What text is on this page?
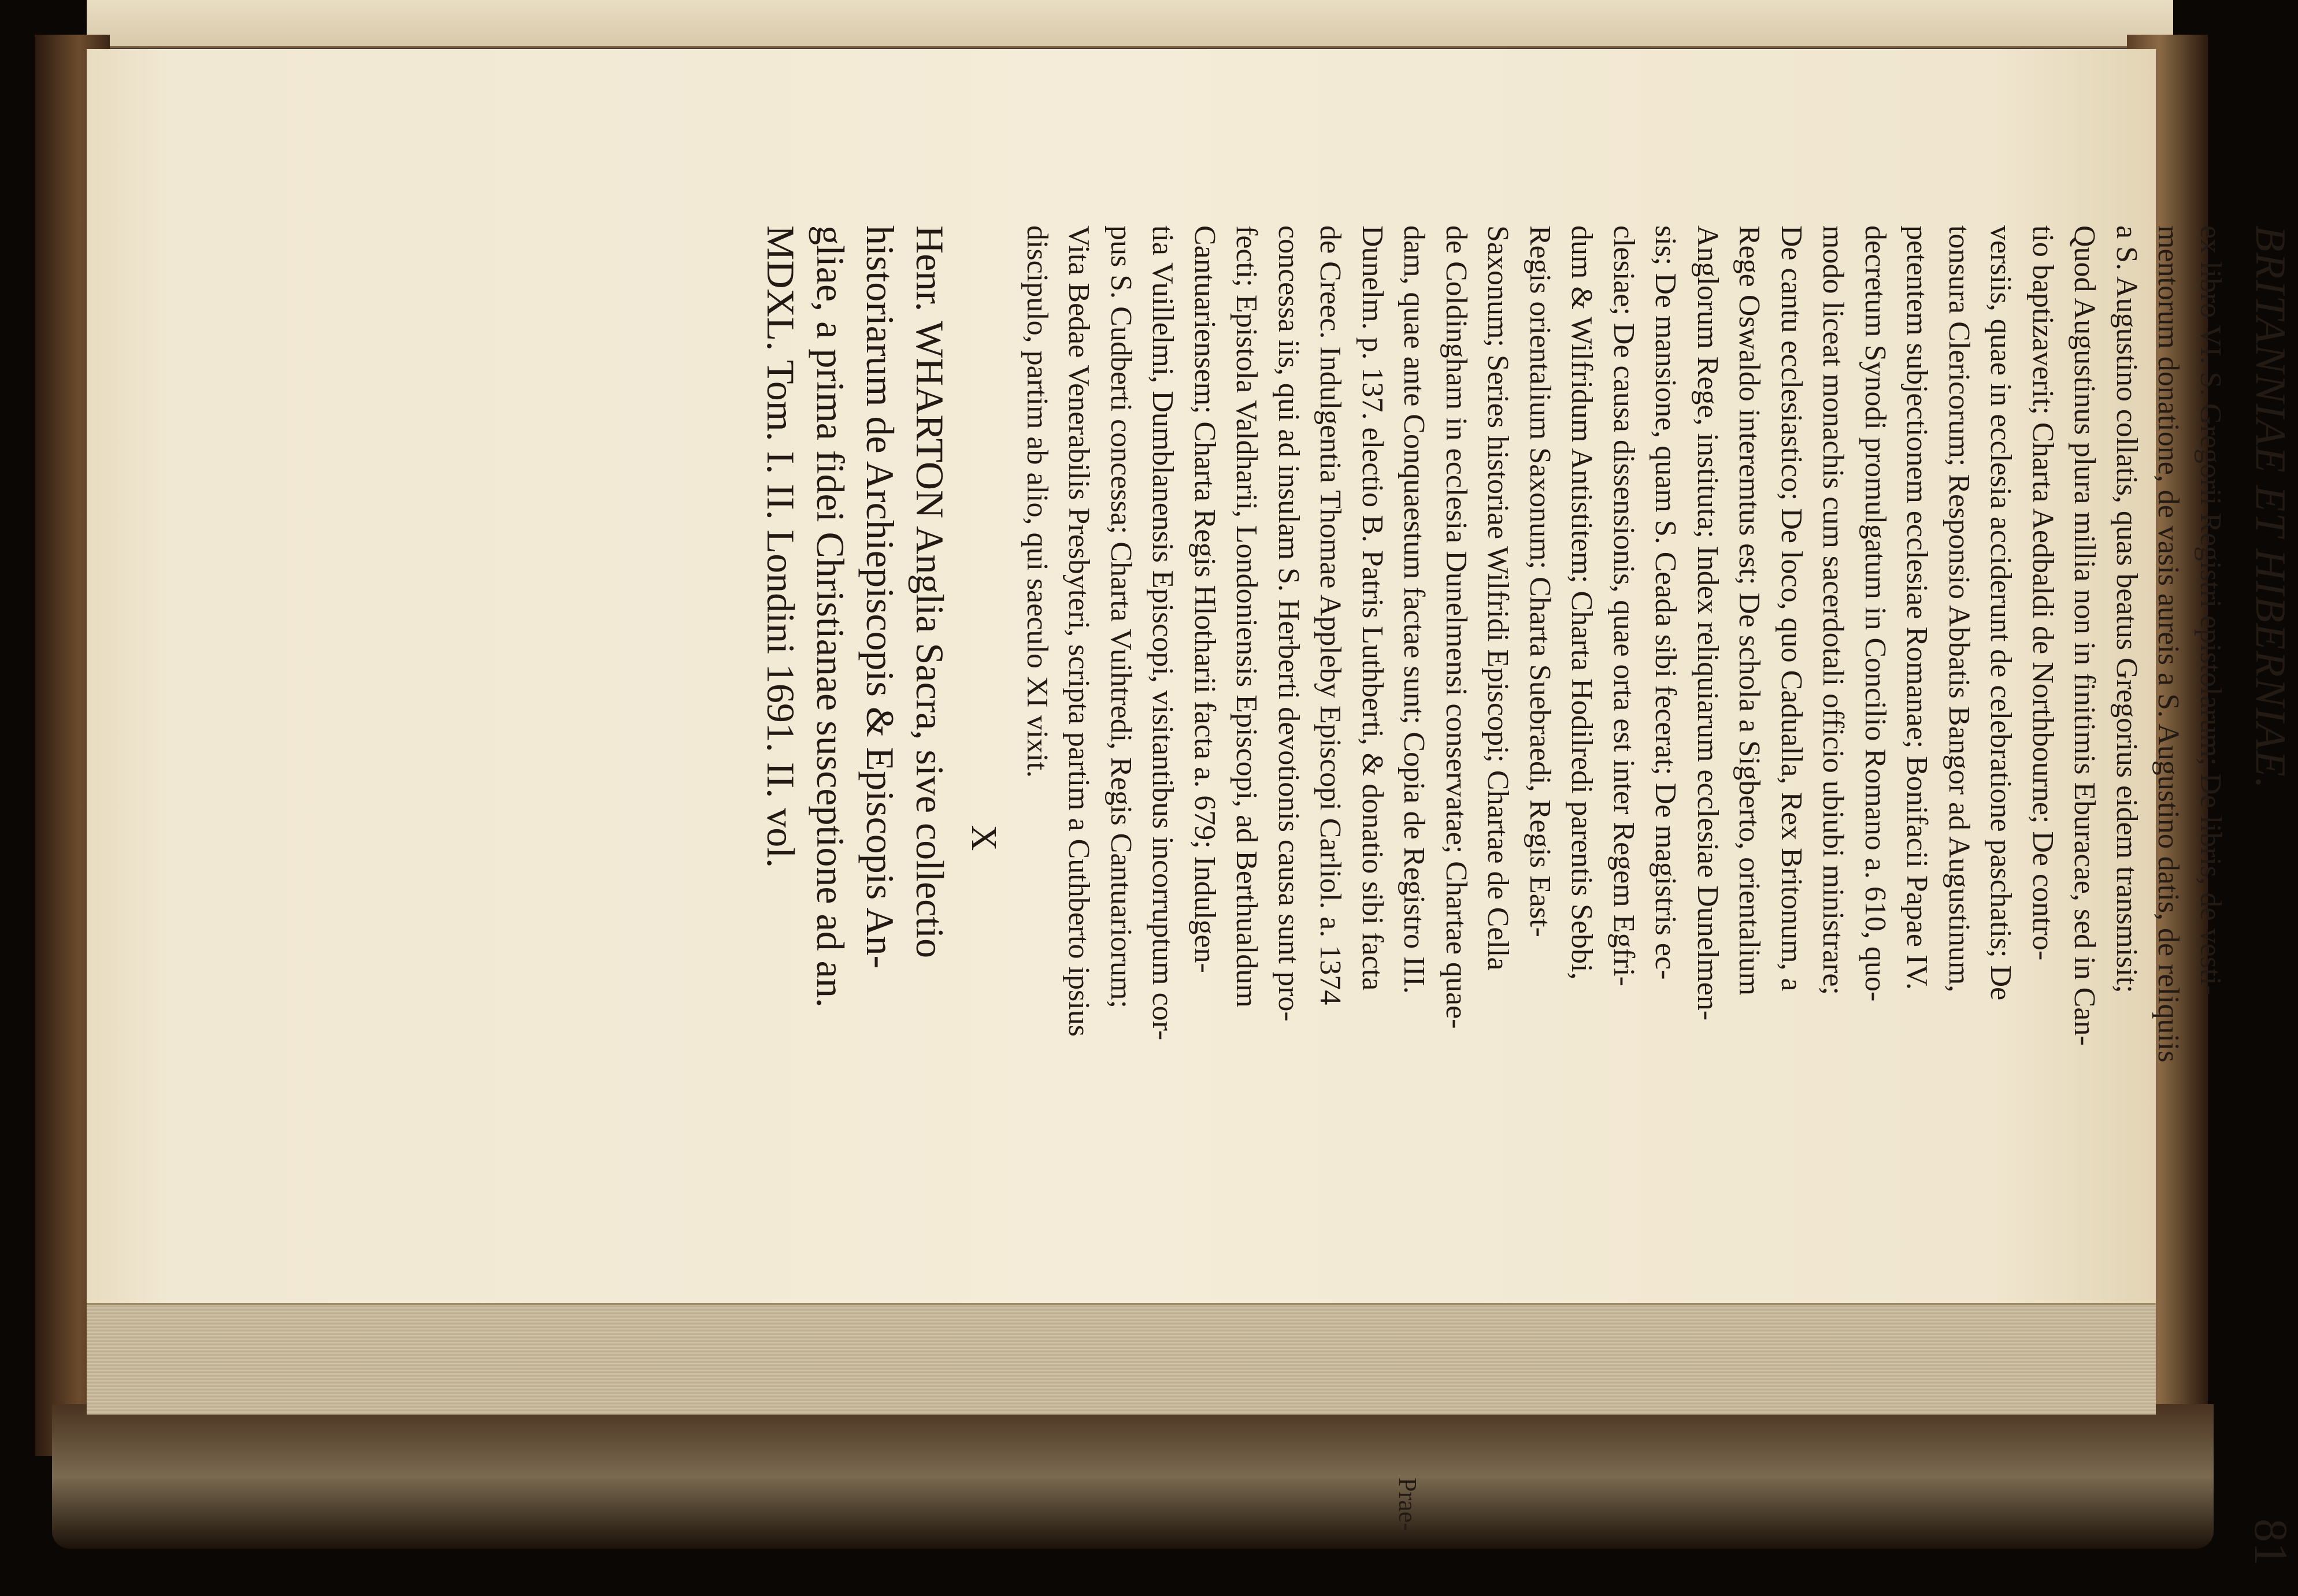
BRITANNIAE ET HIBERNIAE.
81
ex libro VI. S. Gregorii Registri epistolarum; De libris, de vesti-
mentorum donatione, de vasis aureis a S. Augustino datis, de reliquiis
a S. Augustino collatis, quas beatus Gregorius eidem transmisit;
Quod Augustinus plura millia non in finitimis Eburacae, sed in Can-
tio baptizaverit; Charta Aedbaldi de Northbourne; De contro-
versiis, quae in ecclesia acciderunt de celebratione paschatis; De
tonsura Clericorum; Responsio Abbatis Bangor ad Augustinum,
petentem subjectionem ecclesiae Romanae; Bonifacii Papae IV.
decretum Synodi promulgatum in Concilio Romano a. 610, quo-
modo liceat monachis cum sacerdotali officio ubiubi ministrare;
De cantu ecclesiastico; De loco, quo Cadualla, Rex Britonum, a
Rege Oswaldo interemtus est; De schola a Sigberto, orientalium
Anglorum Rege, instituta; Index reliquiarum ecclesiae Dunelmen-
sis; De mansione, quam S. Ceada sibi fecerat; De magistris ec-
clesiae; De causa dissensionis, quae orta est inter Regem Egfri-
dum & Wilfridum Antistitem; Charta Hodilredi parentis Sebbi,
Regis orientalium Saxonum; Charta Suebraedi, Regis East-
Saxonum; Series historiae Wilfridi Episcopi; Chartae de Cella
de Coldingham in ecclesia Dunelmensi conservatae; Chartae quae-
dam, quae ante Conquaestum factae sunt; Copia de Registro III.
Dunelm. p. 137. electio B. Patris Luthberti, & donatio sibi facta
de Creec. Indulgentia Thomae Appleby Episcopi Carliol. a. 1374
concessa iis, qui ad insulam S. Herberti devotionis causa sunt pro-
fecti; Epistola Valdharii, Londoniensis Episcopi, ad Berthualdum
Cantuariensem; Charta Regis Hlotharii facta a. 679; Indulgen-
tia Vuillelmi, Dumblanensis Episcopi, visitantibus incorruptum cor-
pus S. Cudberti concessa; Charta Vuihtredi, Regis Cantuariorum;
Vita Bedae Venerabilis Presbyteri, scripta partim a Cuthberto ipsius
discipulo, partim ab alio, qui saeculo XI vixit.
X
Henr. WHARTON Anglia Sacra, sive collectio
historiarum de Archiepiscopis & Episcopis An-
gliae, a prima fidei Christianae susceptione ad an.
MDXL. Tom. I. II. Londini 1691. II. vol.
Prae-
